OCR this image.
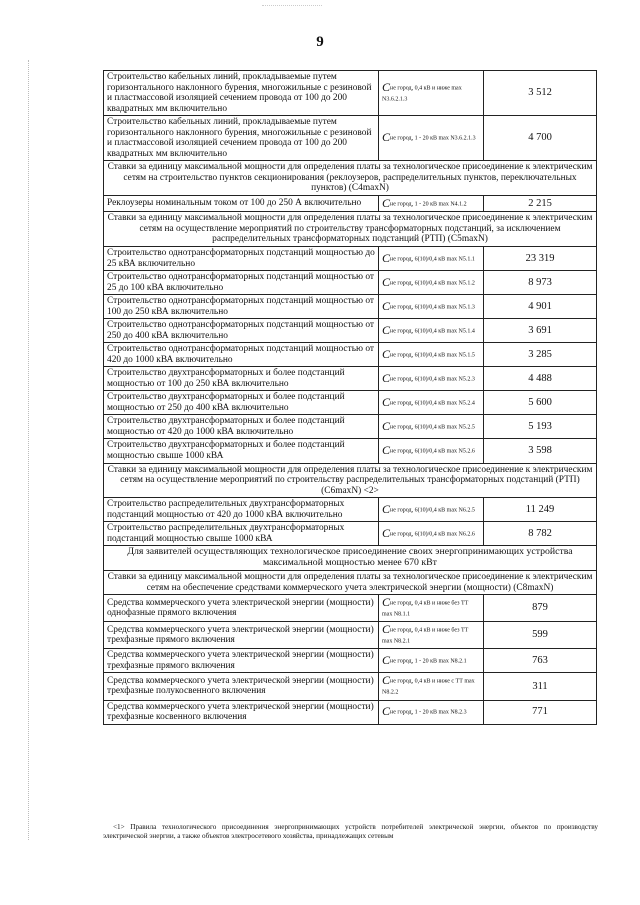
9
Строительство кабельных линий, прокладываемые путем горизонтального наклонного бурения, многожильные с резиновой и пластмассовой изоляцией сечением провода от 100 до 200 квадратных мм включительно	Cне город, 0,4 кВ и ниже max N3.6.2.1.3	3 512
Строительство кабельных линий, прокладываемые путем горизонтального наклонного бурения, многожильные с резиновой и пластмассовой изоляцией сечением провода от 100 до 200 квадратных мм включительно	Cне город, 1 - 20 кВ max N3.6.2.1.3	4 700
Ставки за единицу максимальной мощности для определения платы за технологическое присоединение к электрическим сетям на строительство пунктов секционирования (реклоузеров, распределительных пунктов, переключательных пунктов) (C4maxN)		
Реклоузеры номинальным током от 100 до 250 А включительно	Cне город, 1 - 20 кВ max N4.1.2	2 215
Ставки за единицу максимальной мощности для определения платы за технологическое присоединение к электрическим сетям на осуществление мероприятий по строительству трансформаторных подстанций, за исключением распределительных трансформаторных подстанций (РТП) (C5maxN)		
Строительство однотрансформаторных подстанций мощностью до 25 кВА включительно	Cне город, 6(10)/0,4 кВ max N5.1.1	23 319
Строительство однотрансформаторных подстанций мощностью от 25 до 100 кВА включительно	Cне город, 6(10)/0,4 кВ max N5.1.2	8 973
Строительство однотрансформаторных подстанций мощностью от 100 до 250 кВА включительно	Cне город, 6(10)/0,4 кВ max N5.1.3	4 901
Строительство однотрансформаторных подстанций мощностью от 250 до 400 кВА включительно	Cне город, 6(10)/0,4 кВ max N5.1.4	3 691
Строительство однотрансформаторных подстанций мощностью от 420 до 1000 кВА включительно	Cне город, 6(10)/0,4 кВ max N5.1.5	3 285
Строительство двухтрансформаторных и более подстанций мощностью от 100 до 250 кВА включительно	Cне город, 6(10)/0,4 кВ max N5.2.3	4 488
Строительство двухтрансформаторных и более подстанций мощностью от 250 до 400 кВА включительно	Cне город, 6(10)/0,4 кВ max N5.2.4	5 600
Строительство двухтрансформаторных и более подстанций мощностью от 420 до 1000 кВА включительно	Cне город, 6(10)/0,4 кВ max N5.2.5	5 193
Строительство двухтрансформаторных и более подстанций мощностью свыше 1000 кВА	Cне город, 6(10)/0,4 кВ max N5.2.6	3 598
Ставки за единицу максимальной мощности для определения платы за технологическое присоединение к электрическим сетям на осуществление мероприятий по строительству распределительных трансформаторных подстанций (РТП) (C6maxN) <2>		
Строительство распределительных двухтрансформаторных подстанций мощностью от 420 до 1000 кВА включительно	Cне город, 6(10)/0,4 кВ max N6.2.5	11 249
Строительство распределительных двухтрансформаторных подстанций мощностью свыше 1000 кВА	Cне город, 6(10)/0,4 кВ max N6.2.6	8 782
Для заявителей осуществляющих технологическое присоединение своих энергопринимающих устройства максимальной мощностью менее 670 кВт		
Ставки за единицу максимальной мощности для определения платы за технологическое присоединение к электрическим сетям на обеспечение средствами коммерческого учета электрической энергии (мощности) (C8maxN)		
Средства коммерческого учета электрической энергии (мощности) однофазные прямого включения	Cне город, 0,4 кВ и ниже без ТТ max N8.1.1	879
Средства коммерческого учета электрической энергии (мощности) трехфазные прямого включения	Cне город, 0,4 кВ и ниже без ТТ max N8.2.1	599
Средства коммерческого учета электрической энергии (мощности) трехфазные прямого включения	Cне город, 1 - 20 кВ max N8.2.1	763
Средства коммерческого учета электрической энергии (мощности) трехфазные полукосвенного включения	Cне город, 0,4 кВ и ниже с ТТ max N8.2.2	311
Средства коммерческого учета электрической энергии (мощности) трехфазные косвенного включения	Cне город, 1 - 20 кВ max N8.2.3	771
<1> Правила технологического присоединения энергопринимающих устройств потребителей электрической энергии, объектов по производству электрической энергии, а также объектов электросетевого хозяйства, принадлежащих сетевым
